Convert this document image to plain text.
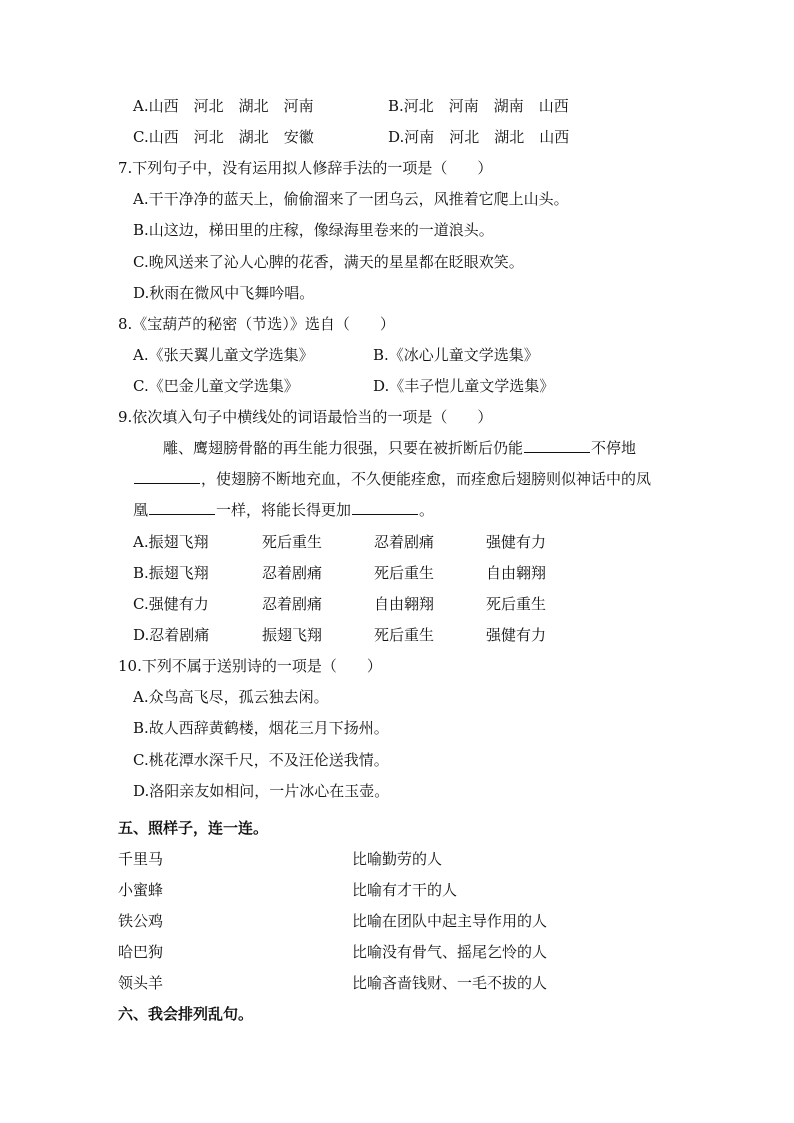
A.山西　河北　湖北　河南	B.河北　河南　湖南　山西
C.山西　河北　湖北　安徽	D.河南　河北　湖北　山西
7.下列句子中，没有运用拟人修辞手法的一项是（　　）
A.干干净净的蓝天上，偷偷溜来了一团乌云，风推着它爬上山头。
B.山这边，梯田里的庄稼，像绿海里卷来的一道浪头。
C.晚风送来了沁人心脾的花香，满天的星星都在眨眼欢笑。
D.秋雨在微风中飞舞吟唱。
8.《宝葫芦的秘密（节选）》选自（　　）
A.《张天翼儿童文学选集》	B.《冰心儿童文学选集》
C.《巴金儿童文学选集》	D.《丰子恺儿童文学选集》
9.依次填入句子中横线处的词语最恰当的一项是（　　）
雕、鹰翅膀骨骼的再生能力很强，只要在被折断后仍能	不停地
，使翅膀不断地充血，不久便能痊愈，而痊愈后翅膀则似神话中的凤
凰	一样，将能长得更加	。
A.振翅飞翔	死后重生	忍着剧痛	强健有力
B.振翅飞翔	忍着剧痛	死后重生	自由翱翔
C.强健有力	忍着剧痛	自由翱翔	死后重生
D.忍着剧痛	振翅飞翔	死后重生	强健有力
10.下列不属于送别诗的一项是（　　）
A.众鸟高飞尽，孤云独去闲。
B.故人西辞黄鹤楼，烟花三月下扬州。
C.桃花潭水深千尺，不及汪伦送我情。
D.洛阳亲友如相问，一片冰心在玉壶。
五、照样子，连一连。
千里马	比喻勤劳的人
小蜜蜂	比喻有才干的人
铁公鸡	比喻在团队中起主导作用的人
哈巴狗	比喻没有骨气、摇尾乞怜的人
领头羊	比喻吝啬钱财、一毛不拔的人
六、我会排列乱句。
